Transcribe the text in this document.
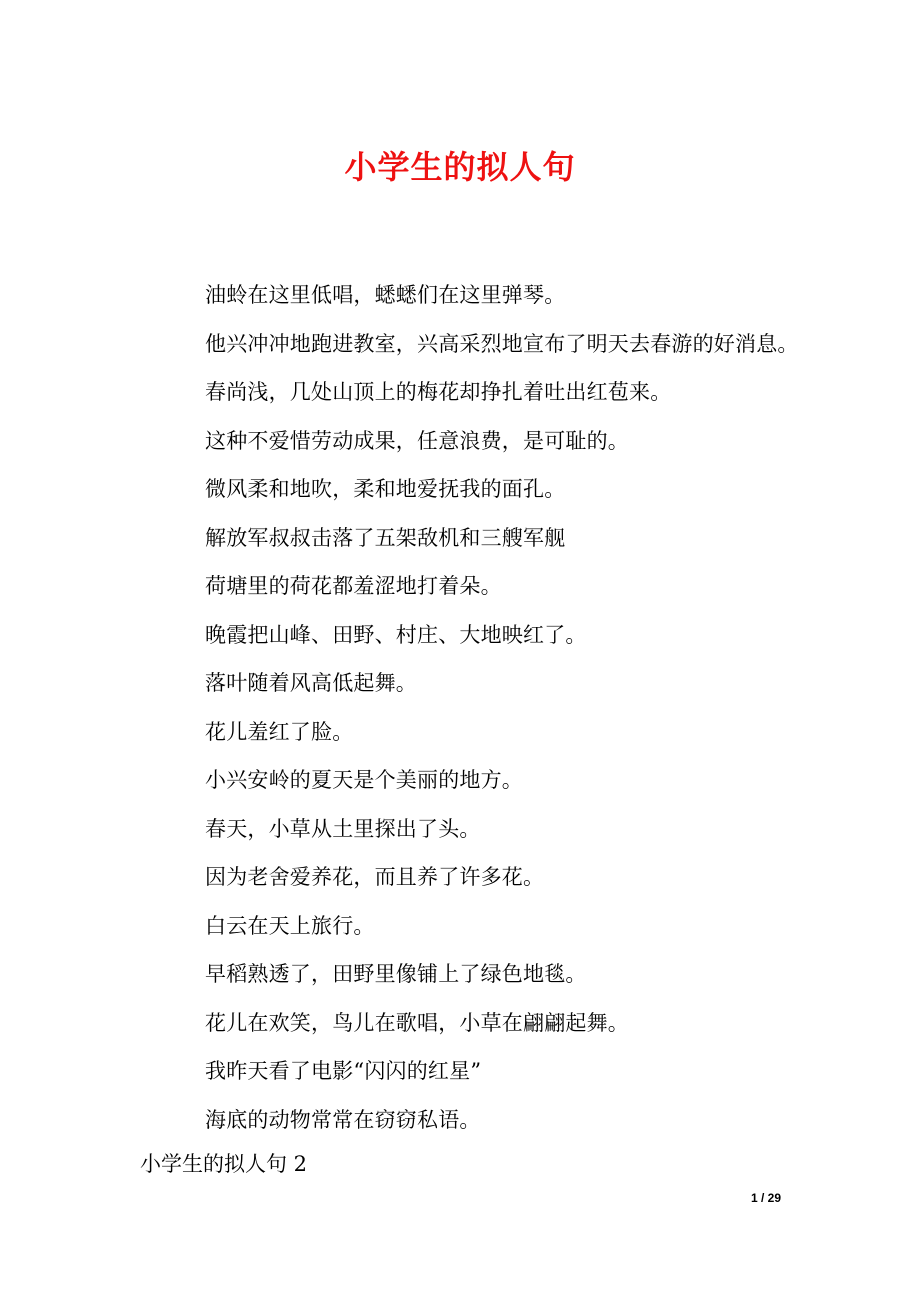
小学生的拟人句
油蛉在这里低唱，蟋蟋们在这里弹琴。
他兴冲冲地跑进教室，兴高采烈地宣布了明天去春游的好消息。
春尚浅，几处山顶上的梅花却挣扎着吐出红苞来。
这种不爱惜劳动成果，任意浪费，是可耻的。
微风柔和地吹，柔和地爱抚我的面孔。
解放军叔叔击落了五架敌机和三艘军舰
荷塘里的荷花都羞涩地打着朵。
晚霞把山峰、田野、村庄、大地映红了。
落叶随着风高低起舞。
花儿羞红了脸。
小兴安岭的夏天是个美丽的地方。
春天，小草从土里探出了头。
因为老舍爱养花，而且养了许多花。
白云在天上旅行。
早稻熟透了，田野里像铺上了绿色地毯。
花儿在欢笑，鸟儿在歌唱，小草在翩翩起舞。
我昨天看了电影“闪闪的红星”
海底的动物常常在窃窃私语。
小学生的拟人句 2
1 / 29
